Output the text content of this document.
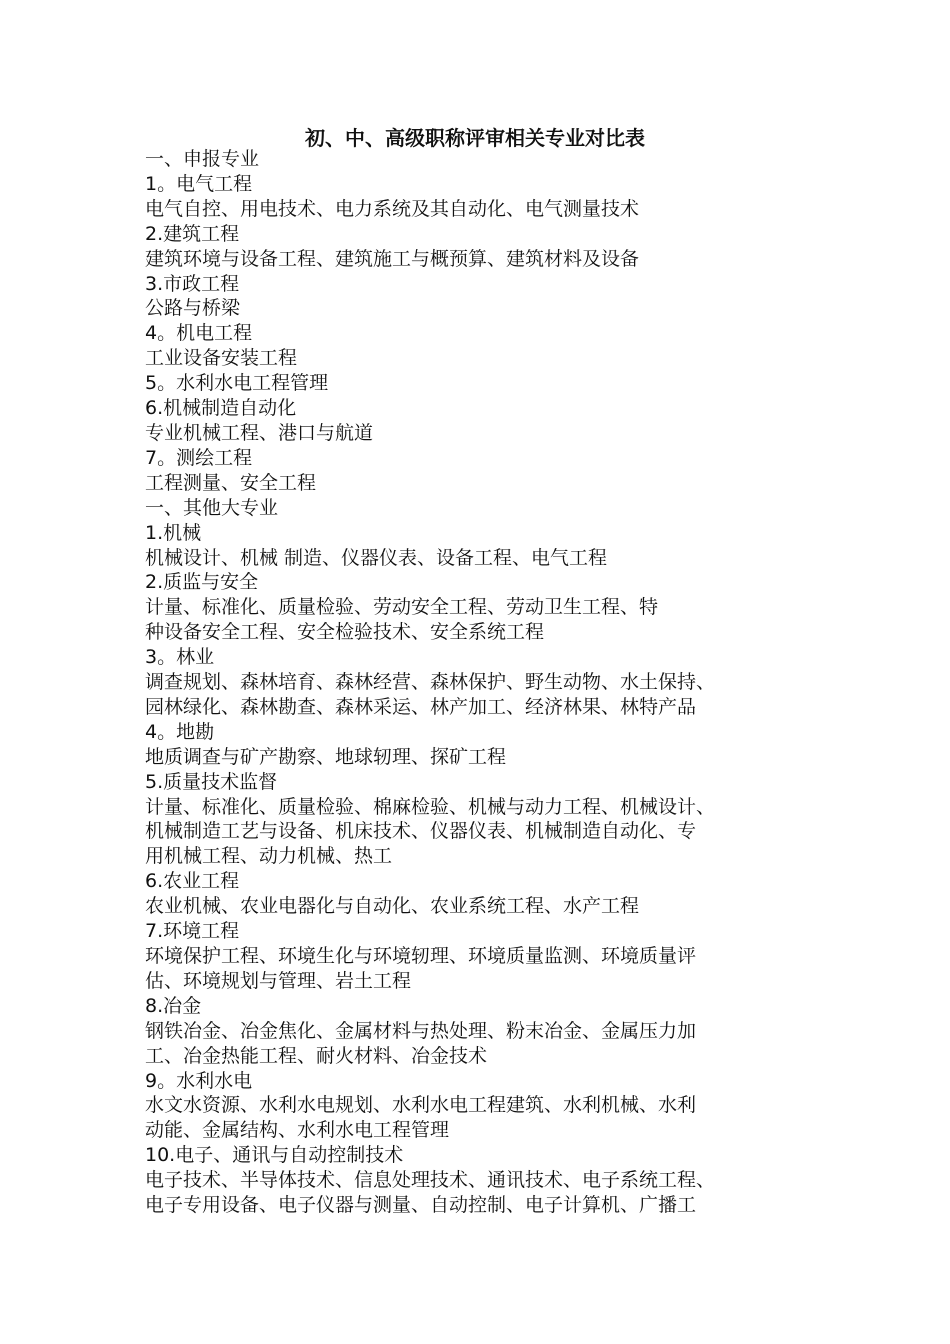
初、中、高级职称评审相关专业对比表
一、申报专业
1。电气工程
电气自控、用电技术、电力系统及其自动化、电气测量技术
2.建筑工程
建筑环境与设备工程、建筑施工与概预算、建筑材料及设备
3.市政工程
公路与桥梁
4。机电工程
工业设备安装工程
5。水利水电工程管理
6.机械制造自动化
专业机械工程、港口与航道
7。测绘工程
工程测量、安全工程
一、其他大专业
1.机械
机械设计、机械 制造、仪器仪表、设备工程、电气工程
2.质监与安全
计量、标准化、质量检验、劳动安全工程、劳动卫生工程、特
种设备安全工程、安全检验技术、安全系统工程
3。林业
调查规划、森林培育、森林经营、森林保护、野生动物、水土保持、
园林绿化、森林勘查、森林采运、林产加工、经济林果、林特产品
4。地勘
地质调查与矿产勘察、地球轫理、探矿工程
5.质量技术监督
计量、标准化、质量检验、棉麻检验、机械与动力工程、机械设计、
机械制造工艺与设备、机床技术、仪器仪表、机械制造自动化、专
用机械工程、动力机械、热工
6.农业工程
农业机械、农业电器化与自动化、农业系统工程、水产工程
7.环境工程
环境保护工程、环境生化与环境轫理、环境质量监测、环境质量评
估、环境规划与管理、岩土工程
8.冶金
钢铁冶金、冶金焦化、金属材料与热处理、粉末冶金、金属压力加
工、冶金热能工程、耐火材料、冶金技术
9。水利水电
水文水资源、水利水电规划、水利水电工程建筑、水利机械、水利
动能、金属结构、水利水电工程管理
10.电子、通讯与自动控制技术
电子技术、半导体技术、信息处理技术、通讯技术、电子系统工程、
电子专用设备、电子仪器与测量、自动控制、电子计算机、广播工
